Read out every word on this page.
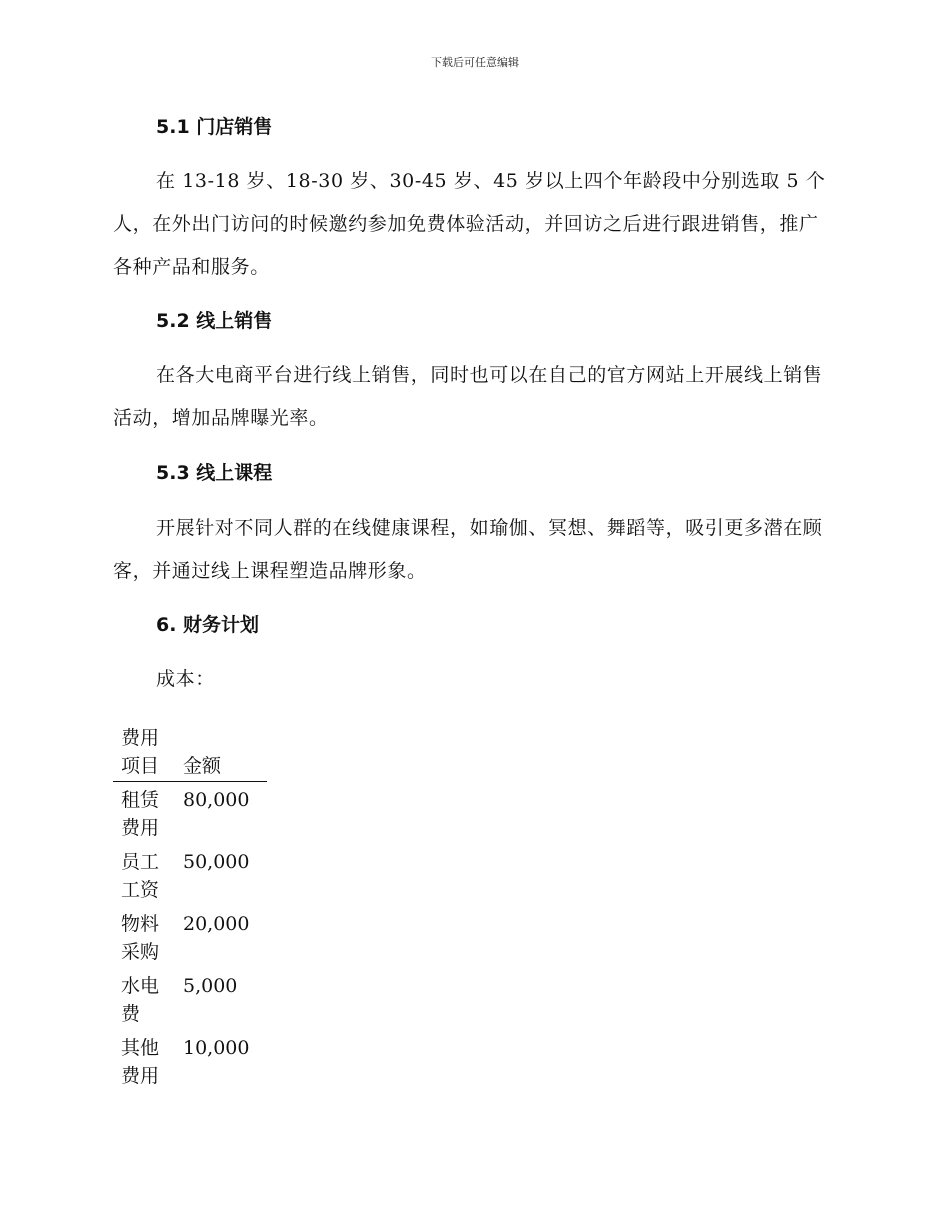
下载后可任意编辑
5.1 门店销售
在 13-18 岁、18-30 岁、30-45 岁、45 岁以上四个年龄段中分别选取 5 个人，在外出门访问的时候邀约参加免费体验活动，并回访之后进行跟进销售，推广各种产品和服务。
5.2 线上销售
在各大电商平台进行线上销售，同时也可以在自己的官方网站上开展线上销售活动，增加品牌曝光率。
5.3 线上课程
开展针对不同人群的在线健康课程，如瑜伽、冥想、舞蹈等，吸引更多潜在顾客，并通过线上课程塑造品牌形象。
6. 财务计划
成本：
费用项目	金额
租赁费用	80,000
员工工资	50,000
物料采购	20,000
水电费	5,000
其他费用	10,000
